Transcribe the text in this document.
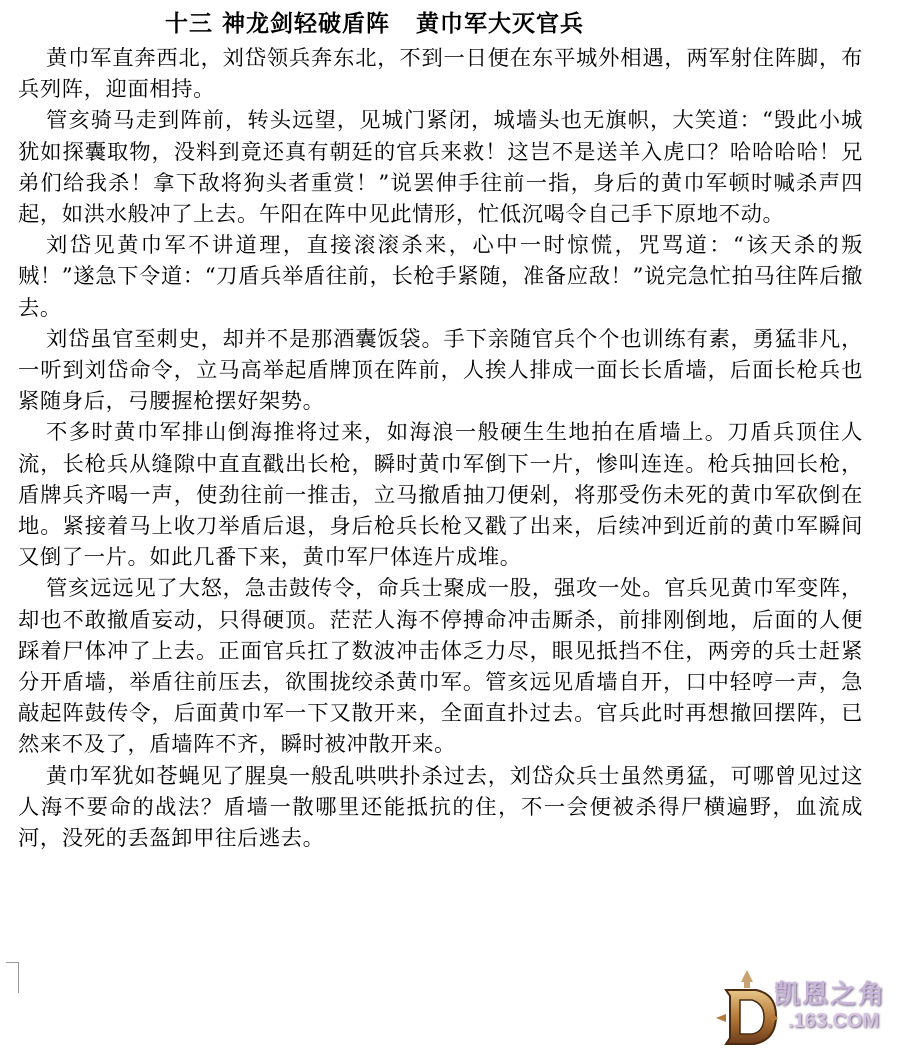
十三 神龙剑轻破盾阵 黄巾军大灭官兵

黄巾军直奔西北，刘岱领兵奔东北，不到一日便在东平城外相遇，两军射住阵脚，布兵列阵，迎面相持。

管亥骑马走到阵前，转头远望，见城门紧闭，城墙头也无旗帜，大笑道：“毁此小城犹如探囊取物，没料到竟还真有朝廷的官兵来救！这岂不是送羊入虎口？哈哈哈哈！兄弟们给我杀！拿下敌将狗头者重赏！”说罢伸手往前一指，身后的黄巾军顿时喊杀声四起，如洪水般冲了上去。午阳在阵中见此情形，忙低沉喝令自己手下原地不动。

刘岱见黄巾军不讲道理，直接滚滚杀来，心中一时惊慌，咒骂道：“该天杀的叛贼！”遂急下令道：“刀盾兵举盾往前，长枪手紧随，准备应敌！”说完急忙拍马往阵后撤去。

刘岱虽官至刺史，却并不是那酒囊饭袋。手下亲随官兵个个也训练有素，勇猛非凡，一听到刘岱命令，立马高举起盾牌顶在阵前，人挨人排成一面长长盾墙，后面长枪兵也紧随身后，弓腰握枪摆好架势。

不多时黄巾军排山倒海推将过来，如海浪一般硬生生地拍在盾墙上。刀盾兵顶住人流，长枪兵从缝隙中直直戳出长枪，瞬时黄巾军倒下一片，惨叫连连。枪兵抽回长枪，盾牌兵齐喝一声，使劲往前一推击，立马撤盾抽刀便剁，将那受伤未死的黄巾军砍倒在地。紧接着马上收刀举盾后退，身后枪兵长枪又戳了出来，后续冲到近前的黄巾军瞬间又倒了一片。如此几番下来，黄巾军尸体连片成堆。

管亥远远见了大怒，急击鼓传令，命兵士聚成一股，强攻一处。官兵见黄巾军变阵，却也不敢撤盾妄动，只得硬顶。茫茫人海不停搏命冲击厮杀，前排刚倒地，后面的人便踩着尸体冲了上去。正面官兵扛了数波冲击体乏力尽，眼见抵挡不住，两旁的兵士赶紧分开盾墙，举盾往前压去，欲围拢绞杀黄巾军。管亥远见盾墙自开，口中轻哼一声，急敲起阵鼓传令，后面黄巾军一下又散开来，全面直扑过去。官兵此时再想撤回摆阵，已然来不及了，盾墙阵不齐，瞬时被冲散开来。

黄巾军犹如苍蝇见了腥臭一般乱哄哄扑杀过去，刘岱众兵士虽然勇猛，可哪曾见过这人海不要命的战法？盾墙一散哪里还能抵抗的住，不一会便被杀得尸横遍野，血流成河，没死的丢盔卸甲往后逃去。

凯恩之角
.163.COM
